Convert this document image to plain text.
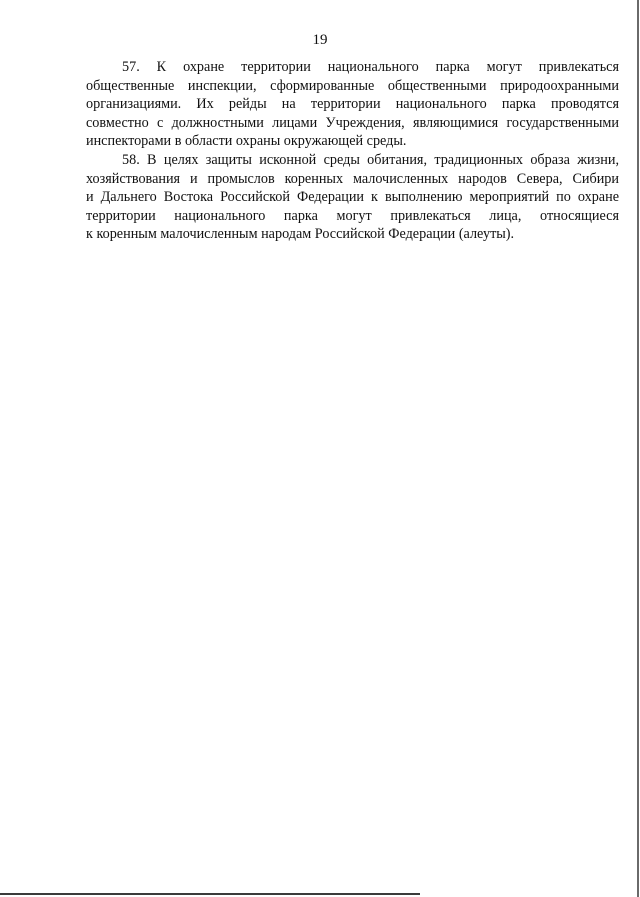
19
57. К охране территории национального парка могут привлекаться
общественные инспекции, сформированные общественными природоохранными
организациями. Их рейды на территории национального парка проводятся
совместно с должностными лицами Учреждения, являющимися государственными
инспекторами в области охраны окружающей среды.
58. В целях защиты исконной среды обитания, традиционных образа жизни,
хозяйствования и промыслов коренных малочисленных народов Севера, Сибири
и Дальнего Востока Российской Федерации к выполнению мероприятий по охране
территории национального парка могут привлекаться лица, относящиеся
к коренным малочисленным народам Российской Федерации (алеуты).
